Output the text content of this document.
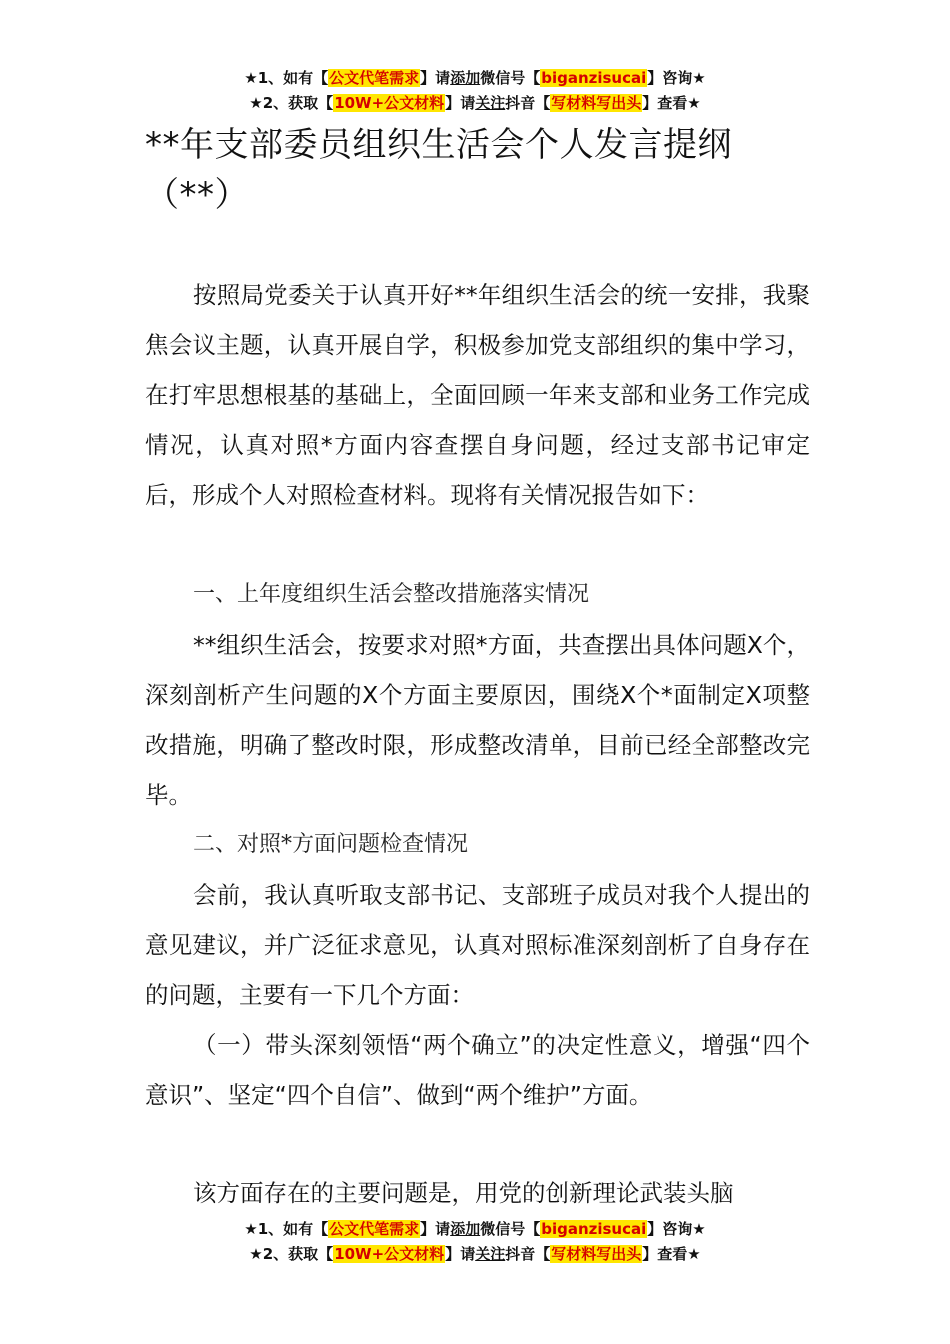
★1、如有【公文代笔需求】请添加微信号【biganzisucai】咨询★
★2、获取【10W+公文材料】请关注抖音【写材料写出头】查看★
**年支部委员组织生活会个人发言提纲（**）
按照局党委关于认真开好**年组织生活会的统一安排，我聚焦会议主题，认真开展自学，积极参加党支部组织的集中学习，在打牢思想根基的基础上，全面回顾一年来支部和业务工作完成情况，认真对照*方面内容查摆自身问题，经过支部书记审定后，形成个人对照检查材料。现将有关情况报告如下：
一、上年度组织生活会整改措施落实情况
**组织生活会，按要求对照*方面，共查摆出具体问题X个，深刻剖析产生问题的X个方面主要原因，围绕X个*面制定X项整改措施，明确了整改时限，形成整改清单，目前已经全部整改完毕。
二、对照*方面问题检查情况
会前，我认真听取支部书记、支部班子成员对我个人提出的意见建议，并广泛征求意见，认真对照标准深刻剖析了自身存在的问题，主要有一下几个方面：
（一）带头深刻领悟“两个确立”的决定性意义，增强“四个意识”、坚定“四个自信”、做到“两个维护”方面。
该方面存在的主要问题是，用党的创新理论武装头脑
★1、如有【公文代笔需求】请添加微信号【biganzisucai】咨询★
★2、获取【10W+公文材料】请关注抖音【写材料写出头】查看★
